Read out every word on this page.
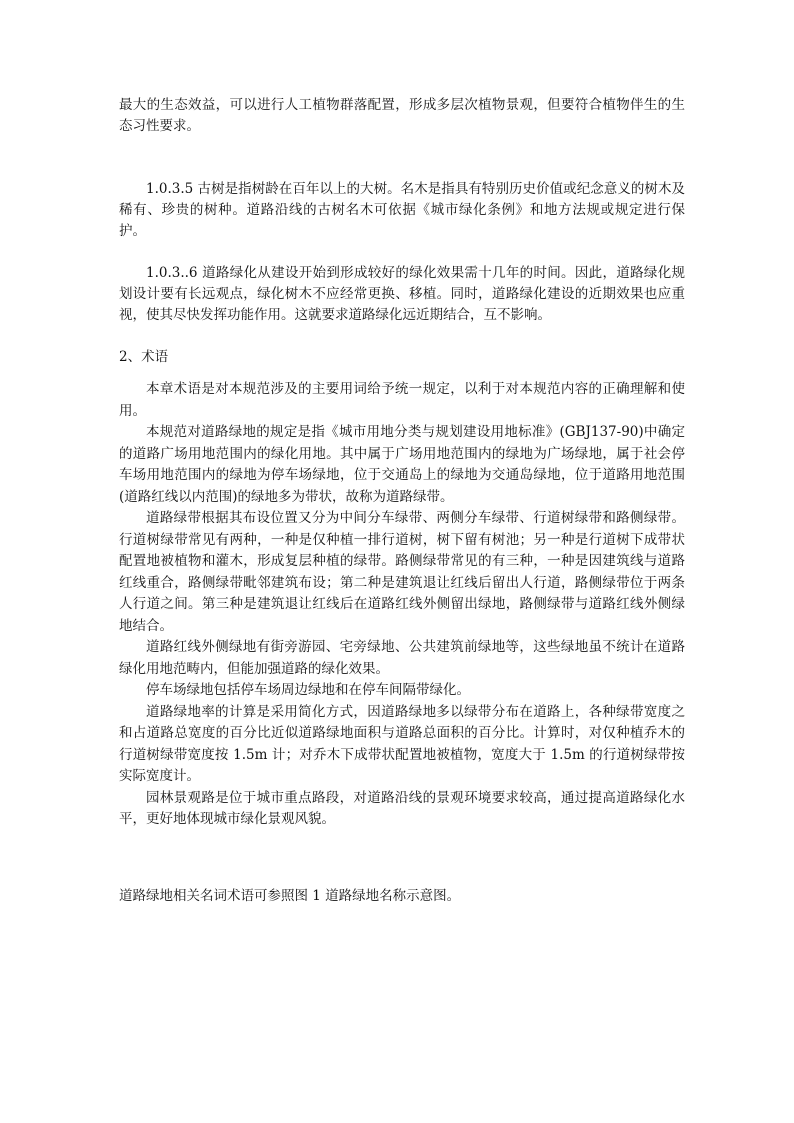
最大的生态效益，可以进行人工植物群落配置，形成多层次植物景观，但要符合植物伴生的生态习性要求。

1.0.3.5 古树是指树龄在百年以上的大树。名木是指具有特别历史价值或纪念意义的树木及稀有、珍贵的树种。道路沿线的古树名木可依据《城市绿化条例》和地方法规或规定进行保护。

1.0.3..6 道路绿化从建设开始到形成较好的绿化效果需十几年的时间。因此，道路绿化规划设计要有长远观点，绿化树木不应经常更换、移植。同时，道路绿化建设的近期效果也应重视，使其尽快发挥功能作用。这就要求道路绿化远近期结合，互不影响。

2、术语

本章术语是对本规范涉及的主要用词给予统一规定，以利于对本规范内容的正确理解和使用。

本规范对道路绿地的规定是指《城市用地分类与规划建设用地标准》(GBJ137-90)中确定的道路广场用地范围内的绿化用地。其中属于广场用地范围内的绿地为广场绿地，属于社会停车场用地范围内的绿地为停车场绿地，位于交通岛上的绿地为交通岛绿地，位于道路用地范围(道路红线以内范围)的绿地多为带状，故称为道路绿带。

道路绿带根据其布设位置又分为中间分车绿带、两侧分车绿带、行道树绿带和路侧绿带。行道树绿带常见有两种，一种是仅种植一排行道树，树下留有树池；另一种是行道树下成带状配置地被植物和灌木，形成复层种植的绿带。路侧绿带常见的有三种，一种是因建筑线与道路红线重合，路侧绿带毗邻建筑布设；第二种是建筑退让红线后留出人行道，路侧绿带位于两条人行道之间。第三种是建筑退让红线后在道路红线外侧留出绿地，路侧绿带与道路红线外侧绿地结合。

道路红线外侧绿地有街旁游园、宅旁绿地、公共建筑前绿地等，这些绿地虽不统计在道路绿化用地范畴内，但能加强道路的绿化效果。

停车场绿地包括停车场周边绿地和在停车间隔带绿化。

道路绿地率的计算是采用简化方式，因道路绿地多以绿带分布在道路上，各种绿带宽度之和占道路总宽度的百分比近似道路绿地面积与道路总面积的百分比。计算时，对仅种植乔木的行道树绿带宽度按 1.5m 计；对乔木下成带状配置地被植物，宽度大于 1.5m 的行道树绿带按实际宽度计。

园林景观路是位于城市重点路段，对道路沿线的景观环境要求较高，通过提高道路绿化水平，更好地体现城市绿化景观风貌。

道路绿地相关名词术语可参照图 1 道路绿地名称示意图。
